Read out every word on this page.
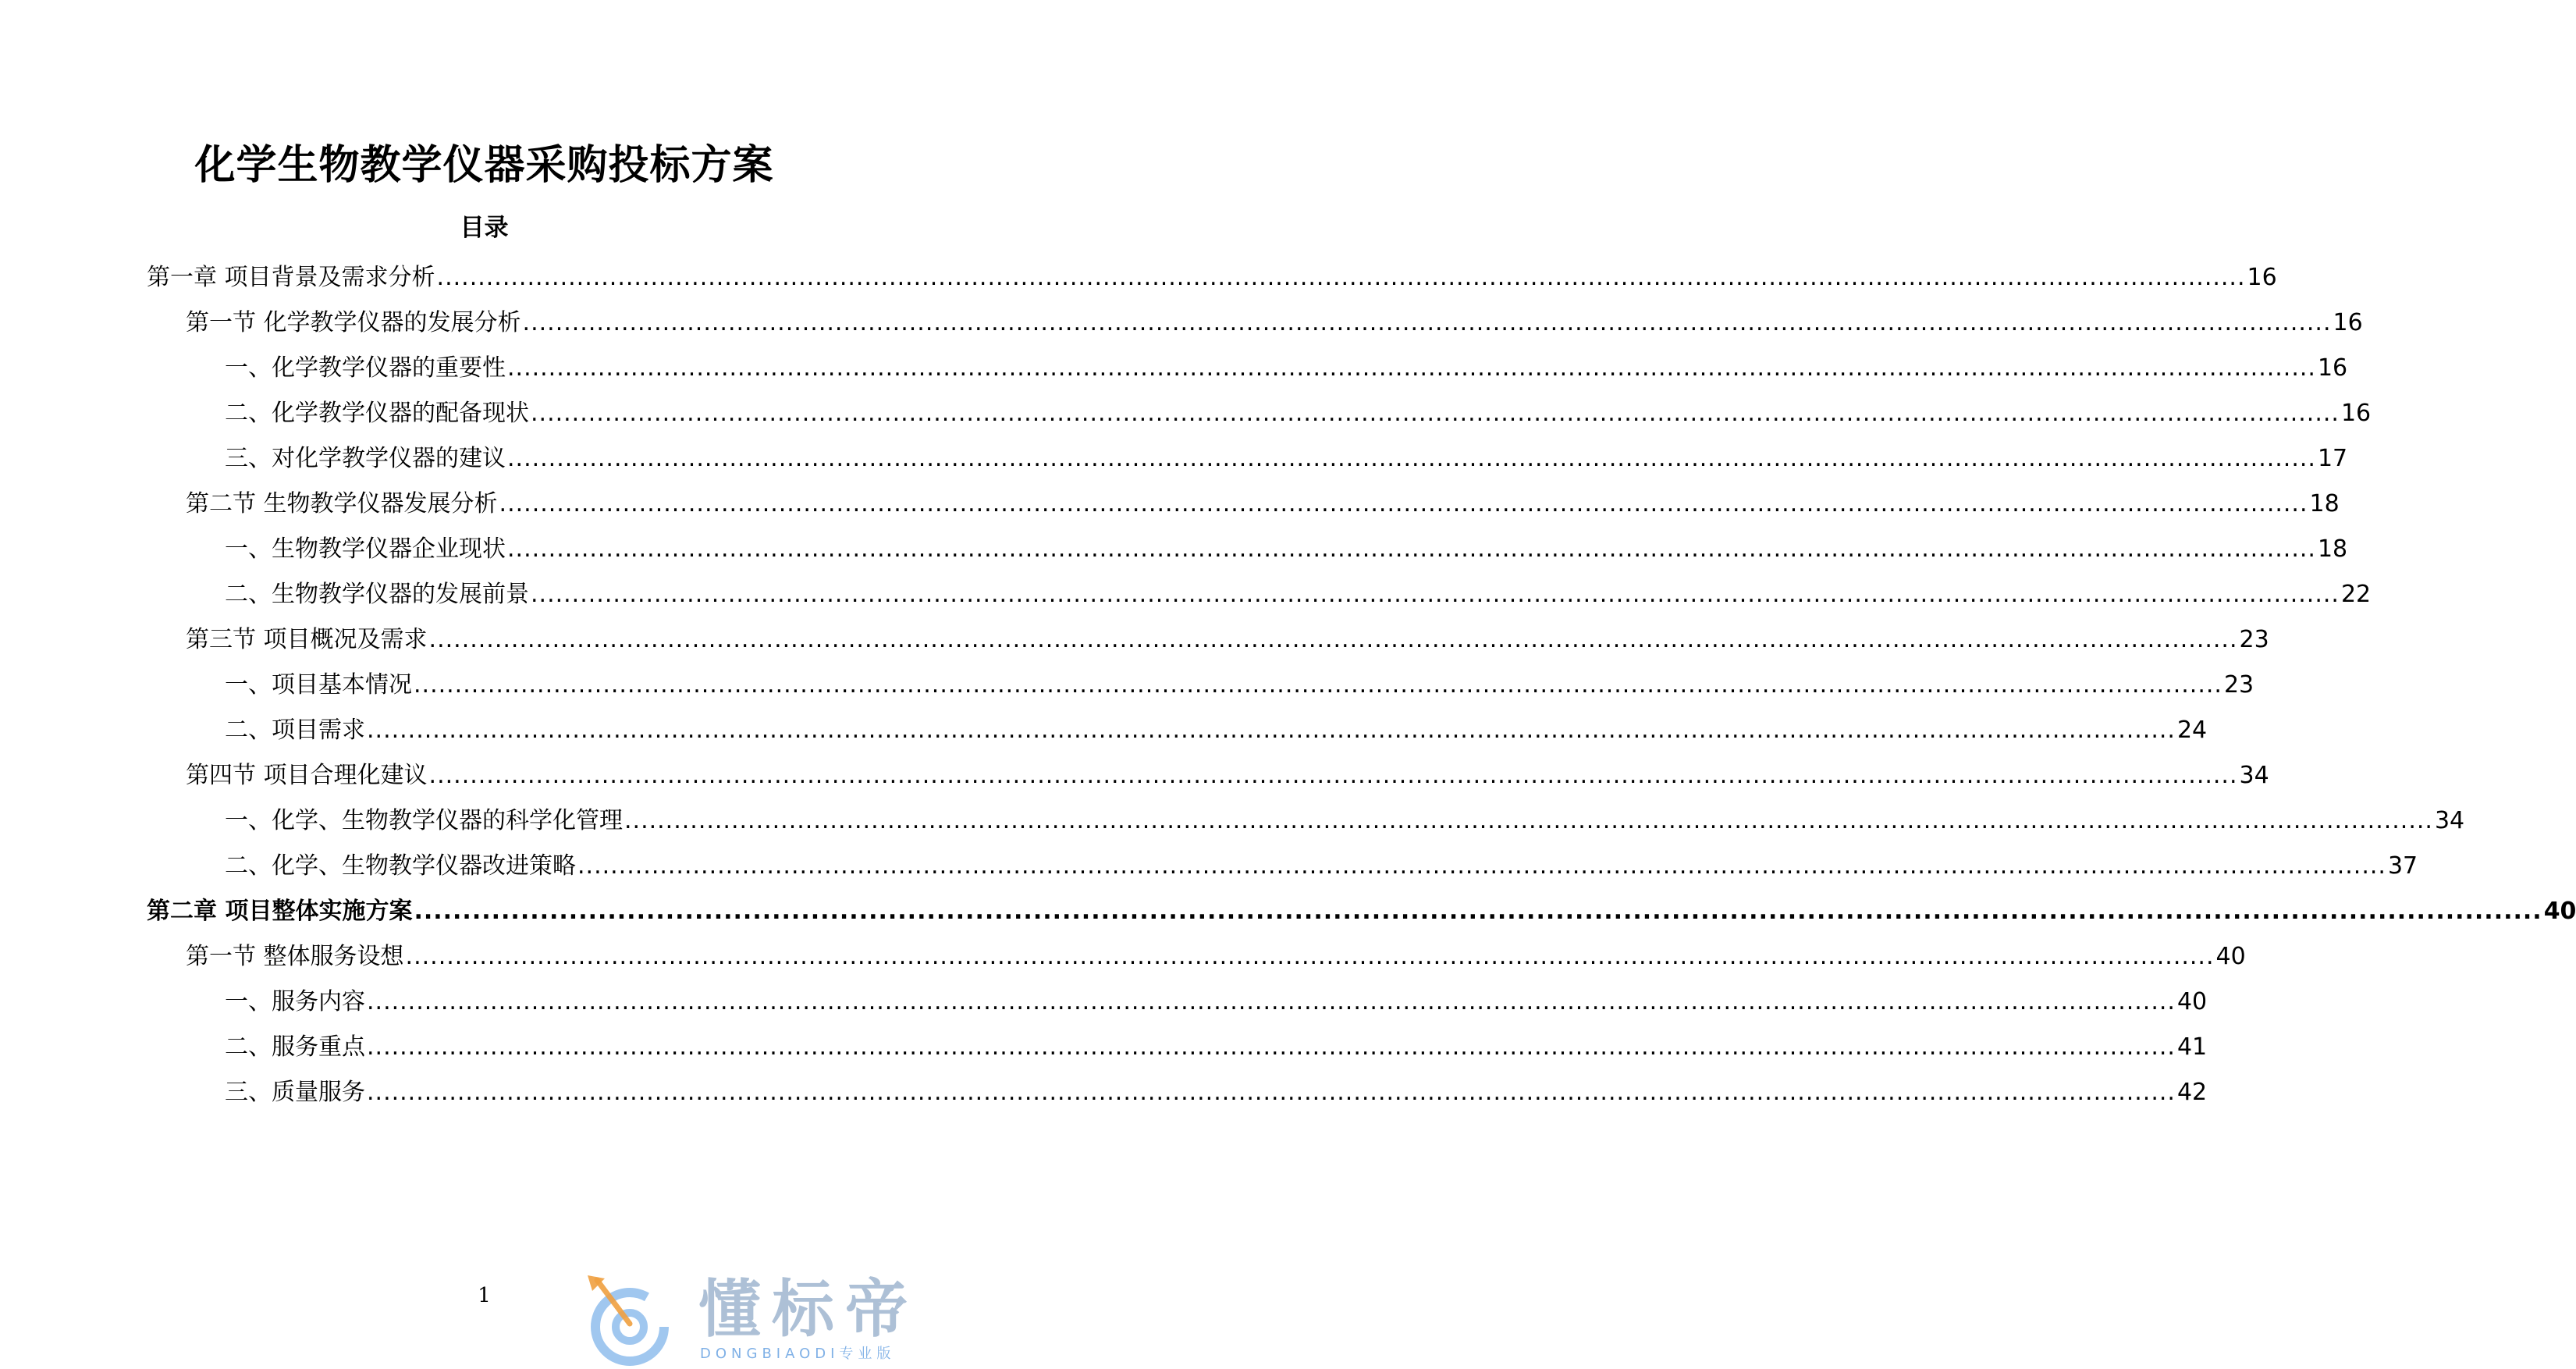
化学生物教学仪器采购投标方案
目录
第一章 项目背景及需求分析 ............................................................................................................................................................................................................................ 16
第一节 化学教学仪器的发展分析 ............................................................................................................................................................................................................................ 16
一、化学教学仪器的重要性 ............................................................................................................................................................................................................................ 16
二、化学教学仪器的配备现状 ............................................................................................................................................................................................................................ 16
三、对化学教学仪器的建议 ............................................................................................................................................................................................................................ 17
第二节 生物教学仪器发展分析 ............................................................................................................................................................................................................................ 18
一、生物教学仪器企业现状 ............................................................................................................................................................................................................................ 18
二、生物教学仪器的发展前景 ............................................................................................................................................................................................................................ 22
第三节 项目概况及需求 ............................................................................................................................................................................................................................ 23
一、项目基本情况 ............................................................................................................................................................................................................................ 23
二、项目需求 ............................................................................................................................................................................................................................ 24
第四节 项目合理化建议 ............................................................................................................................................................................................................................ 34
一、化学、生物教学仪器的科学化管理 ............................................................................................................................................................................................................................ 34
二、化学、生物教学仪器改进策略 ............................................................................................................................................................................................................................ 37
第二章 项目整体实施方案 ............................................................................................................................................................................................................................ 40
第一节 整体服务设想 ............................................................................................................................................................................................................................ 40
一、服务内容 ............................................................................................................................................................................................................................ 40
二、服务重点 ............................................................................................................................................................................................................................ 41
三、质量服务 ............................................................................................................................................................................................................................ 42
1	懂标帝
DONGBIAODI专业版
